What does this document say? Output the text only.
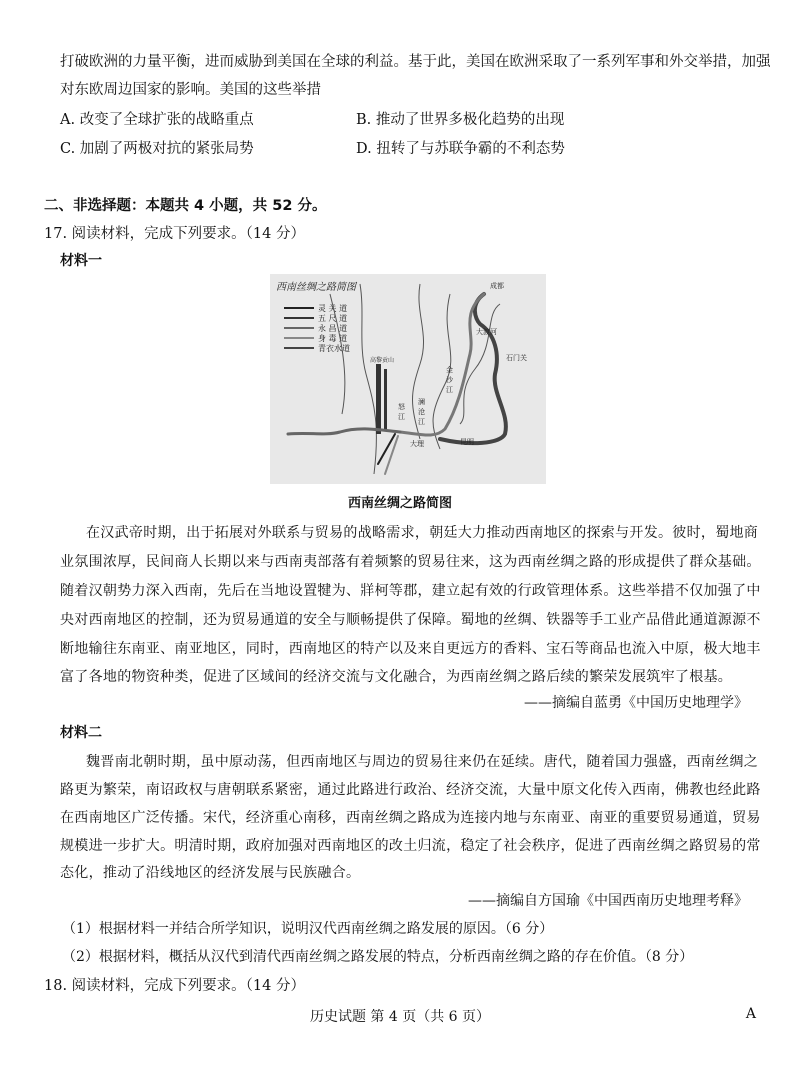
打破欧洲的力量平衡，进而威胁到美国在全球的利益。基于此，美国在欧洲采取了一系列军事和外交举措，加强
对东欧周边国家的影响。美国的这些举措
A. 改变了全球扩张的战略重点	B. 推动了世界多极化趋势的出现
C. 加剧了两极对抗的紧张局势	D. 扭转了与苏联争霸的不利态势
二、非选择题：本题共 4 小题，共 52 分。
17. 阅读材料，完成下列要求。（14 分）
材料一
西南丝绸之路简图
灵 关 道
五 尺 道
永 昌 道
身 毒 道
青衣水道
成都
大渡河
金
沙
江
澜
沧
江
怒
江
高黎贡山
昆明
大理
石门关
西南丝绸之路简图
在汉武帝时期，出于拓展对外联系与贸易的战略需求，朝廷大力推动西南地区的探索与开发。彼时，蜀地商
业氛围浓厚，民间商人长期以来与西南夷部落有着频繁的贸易往来，这为西南丝绸之路的形成提供了群众基础。
随着汉朝势力深入西南，先后在当地设置犍为、牂柯等郡，建立起有效的行政管理体系。这些举措不仅加强了中
央对西南地区的控制，还为贸易通道的安全与顺畅提供了保障。蜀地的丝绸、铁器等手工业产品借此通道源源不
断地输往东南亚、南亚地区，同时，西南地区的特产以及来自更远方的香料、宝石等商品也流入中原，极大地丰
富了各地的物资种类，促进了区域间的经济交流与文化融合，为西南丝绸之路后续的繁荣发展筑牢了根基。
——摘编自蓝勇《中国历史地理学》
材料二
魏晋南北朝时期，虽中原动荡，但西南地区与周边的贸易往来仍在延续。唐代，随着国力强盛，西南丝绸之
路更为繁荣，南诏政权与唐朝联系紧密，通过此路进行政治、经济交流，大量中原文化传入西南，佛教也经此路
在西南地区广泛传播。宋代，经济重心南移，西南丝绸之路成为连接内地与东南亚、南亚的重要贸易通道，贸易
规模进一步扩大。明清时期，政府加强对西南地区的改土归流，稳定了社会秩序，促进了西南丝绸之路贸易的常
态化，推动了沿线地区的经济发展与民族融合。
——摘编自方国瑜《中国西南历史地理考释》
（1）根据材料一并结合所学知识，说明汉代西南丝绸之路发展的原因。（6 分）
（2）根据材料，概括从汉代到清代西南丝绸之路发展的特点，分析西南丝绸之路的存在价值。（8 分）
18. 阅读材料，完成下列要求。（14 分）
历史试题 第 4 页（共 6 页）	A
